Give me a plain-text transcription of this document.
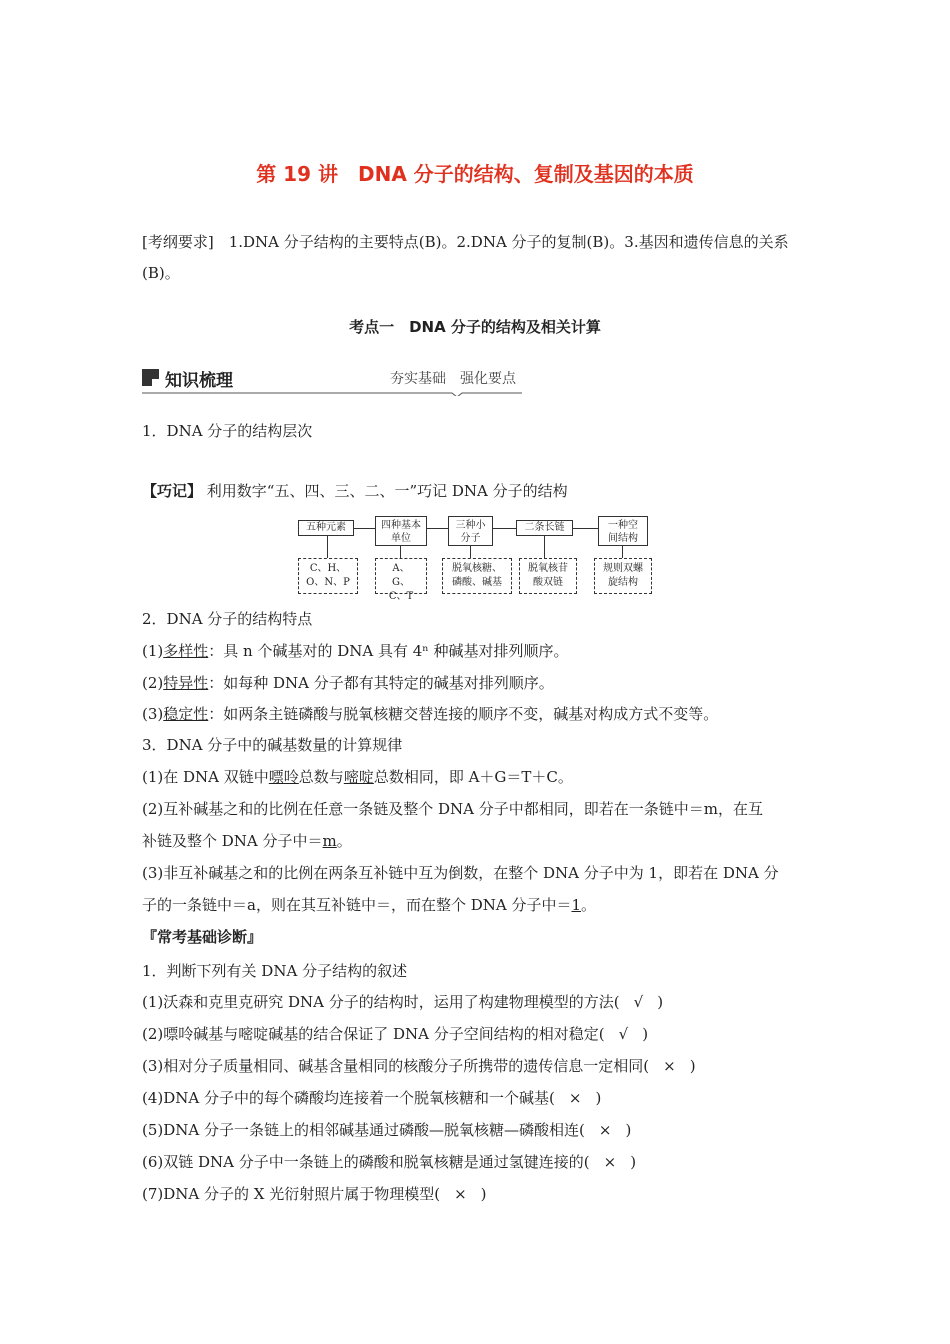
第 19 讲　DNA 分子的结构、复制及基因的本质
[考纲要求]　1.DNA 分子结构的主要特点(B)。2.DNA 分子的复制(B)。3.基因和遗传信息的关系(B)。
考点一　DNA 分子的结构及相关计算
知识梳理	夯实基础　强化要点
1．DNA 分子的结构层次
【巧记】 利用数字“五、四、三、二、一”巧记 DNA 分子的结构
五种元素	四种基本单位
三种小分子
二条长链	一种空间结构
C、H、O、N、P
A、G、C、T
脱氧核糖、磷酸、碱基
脱氧核苷酸双链
规则双螺旋结构
2．DNA 分子的结构特点
(1)多样性：具 n 个碱基对的 DNA 具有 4ⁿ 种碱基对排列顺序。
(2)特异性：如每种 DNA 分子都有其特定的碱基对排列顺序。
(3)稳定性：如两条主链磷酸与脱氧核糖交替连接的顺序不变，碱基对构成方式不变等。
3．DNA 分子中的碱基数量的计算规律
(1)在 DNA 双链中嘌呤总数与嘧啶总数相同，即 A＋G＝T＋C。
(2)互补碱基之和的比例在任意一条链及整个 DNA 分子中都相同，即若在一条链中＝m，在互
补链及整个 DNA 分子中＝m。
(3)非互补碱基之和的比例在两条互补链中互为倒数，在整个 DNA 分子中为 1，即若在 DNA 分
子的一条链中＝a，则在其互补链中＝，而在整个 DNA 分子中＝1。
『常考基础诊断』
1．判断下列有关 DNA 分子结构的叙述
(1)沃森和克里克研究 DNA 分子的结构时，运用了构建物理模型的方法( √ )
(2)嘌呤碱基与嘧啶碱基的结合保证了 DNA 分子空间结构的相对稳定( √ )
(3)相对分子质量相同、碱基含量相同的核酸分子所携带的遗传信息一定相同( × )
(4)DNA 分子中的每个磷酸均连接着一个脱氧核糖和一个碱基( × )
(5)DNA 分子一条链上的相邻碱基通过磷酸—脱氧核糖—磷酸相连( × )
(6)双链 DNA 分子中一条链上的磷酸和脱氧核糖是通过氢键连接的( × )
(7)DNA 分子的 X 光衍射照片属于物理模型( × )
